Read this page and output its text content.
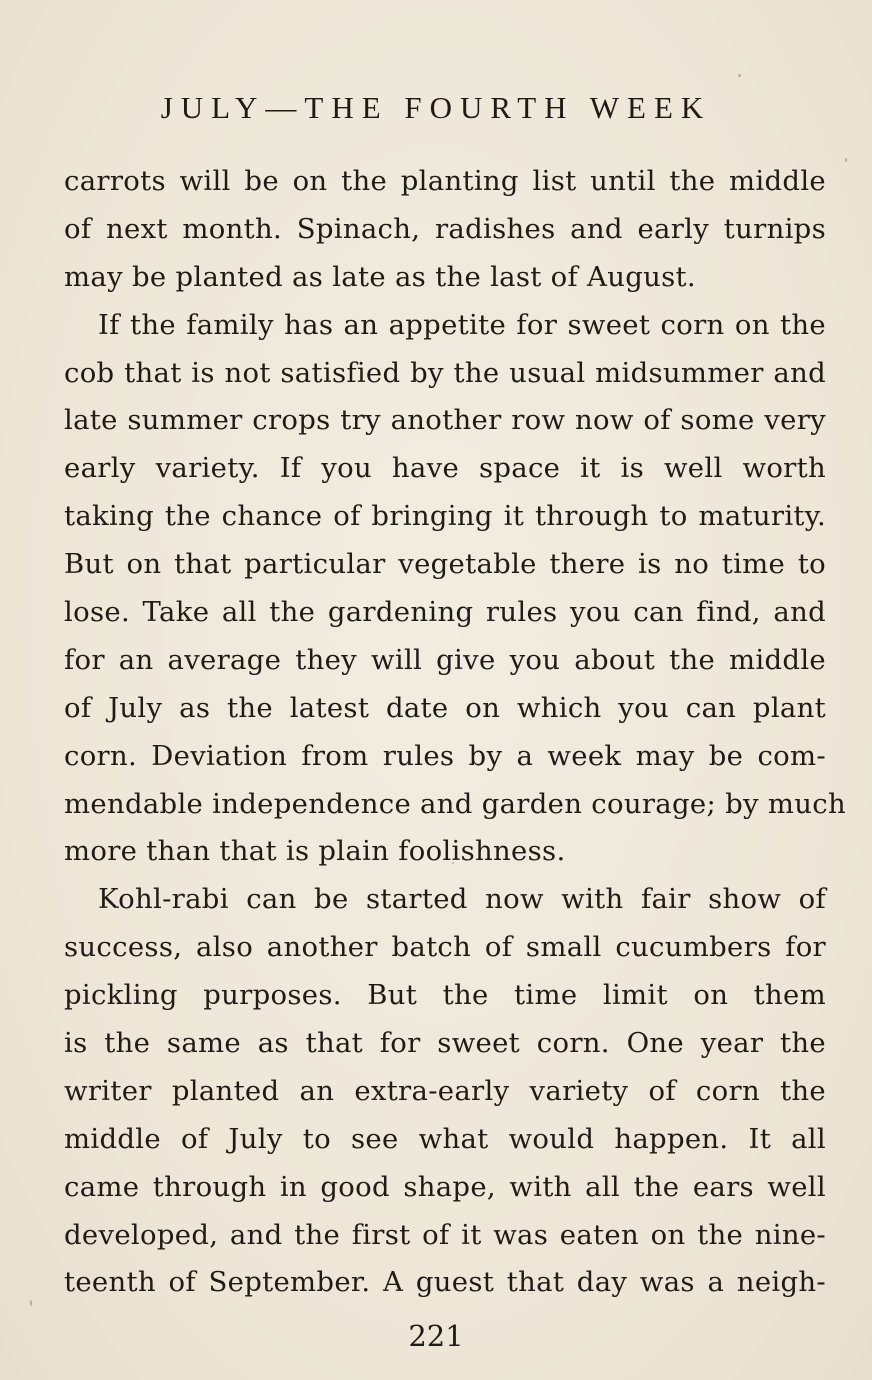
JULY—THE FOURTH WEEK
carrots will be on the planting list until the middle
of next month. Spinach, radishes and early turnips
may be planted as late as the last of August.
If the family has an appetite for sweet corn on the
cob that is not satisfied by the usual midsummer and
late summer crops try another row now of some very
early variety. If you have space it is well worth
taking the chance of bringing it through to maturity.
But on that particular vegetable there is no time to
lose. Take all the gardening rules you can find, and
for an average they will give you about the middle
of July as the latest date on which you can plant
corn. Deviation from rules by a week may be com-
mendable independence and garden courage; by much
more than that is plain foolishness.
Kohl-rabi can be started now with fair show of
success, also another batch of small cucumbers for
pickling purposes. But the time limit on them
is the same as that for sweet corn. One year the
writer planted an extra-early variety of corn the
middle of July to see what would happen. It all
came through in good shape, with all the ears well
developed, and the first of it was eaten on the nine-
teenth of September. A guest that day was a neigh-
221
